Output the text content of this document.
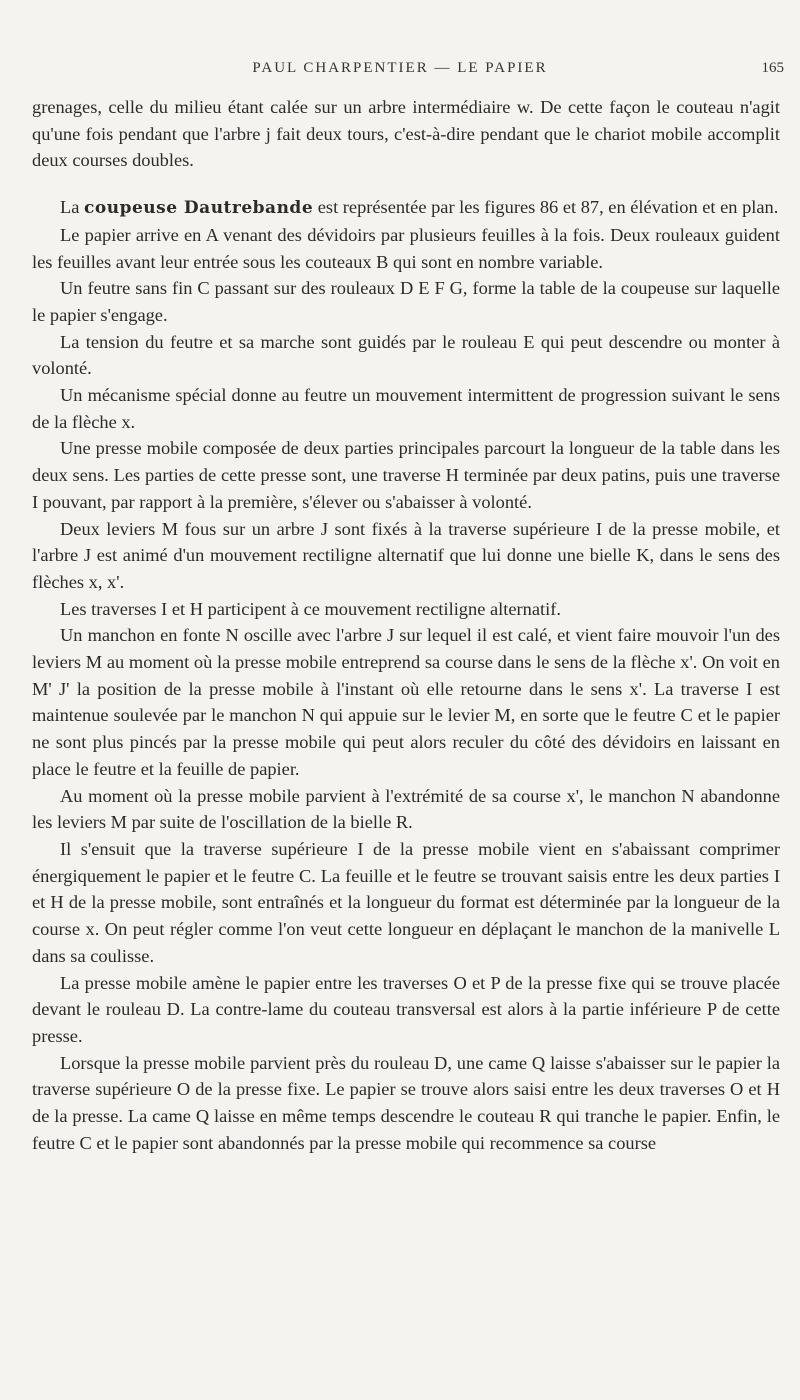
PAUL CHARPENTIER — LE PAPIER	165

grenages, celle du milieu étant calée sur un arbre intermédiaire w. De cette façon le couteau n'agit qu'une fois pendant que l'arbre j fait deux tours, c'est-à-dire pendant que le chariot mobile accomplit deux courses doubles.

La coupeuse Dautrebande est représentée par les figures 86 et 87, en élévation et en plan.

Le papier arrive en A venant des dévidoirs par plusieurs feuilles à la fois. Deux rouleaux guident les feuilles avant leur entrée sous les couteaux B qui sont en nombre variable.

Un feutre sans fin C passant sur des rouleaux D E F G, forme la table de la coupeuse sur laquelle le papier s'engage.

La tension du feutre et sa marche sont guidés par le rouleau E qui peut descendre ou monter à volonté.

Un mécanisme spécial donne au feutre un mouvement intermittent de progression suivant le sens de la flèche x.

Une presse mobile composée de deux parties principales parcourt la longueur de la table dans les deux sens. Les parties de cette presse sont, une traverse H terminée par deux patins, puis une traverse I pouvant, par rapport à la première, s'élever ou s'abaisser à volonté.

Deux leviers M fous sur un arbre J sont fixés à la traverse supérieure I de la presse mobile, et l'arbre J est animé d'un mouvement rectiligne alternatif que lui donne une bielle K, dans le sens des flèches x, x'.

Les traverses I et H participent à ce mouvement rectiligne alternatif.

Un manchon en fonte N oscille avec l'arbre J sur lequel il est calé, et vient faire mouvoir l'un des leviers M au moment où la presse mobile entreprend sa course dans le sens de la flèche x'. On voit en M' J' la position de la presse mobile à l'instant où elle retourne dans le sens x'. La traverse I est maintenue soulevée par le manchon N qui appuie sur le levier M, en sorte que le feutre C et le papier ne sont plus pincés par la presse mobile qui peut alors reculer du côté des dévidoirs en laissant en place le feutre et la feuille de papier.

Au moment où la presse mobile parvient à l'extrémité de sa course x', le manchon N abandonne les leviers M par suite de l'oscillation de la bielle R.

Il s'ensuit que la traverse supérieure I de la presse mobile vient en s'abaissant comprimer énergiquement le papier et le feutre C. La feuille et le feutre se trouvant saisis entre les deux parties I et H de la presse mobile, sont entraînés et la longueur du format est déterminée par la longueur de la course x. On peut régler comme l'on veut cette longueur en déplaçant le manchon de la manivelle L dans sa coulisse.

La presse mobile amène le papier entre les traverses O et P de la presse fixe qui se trouve placée devant le rouleau D. La contre-lame du couteau transversal est alors à la partie inférieure P de cette presse.

Lorsque la presse mobile parvient près du rouleau D, une came Q laisse s'abaisser sur le papier la traverse supérieure O de la presse fixe. Le papier se trouve alors saisi entre les deux traverses O et H de la presse. La came Q laisse en même temps descendre le couteau R qui tranche le papier. Enfin, le feutre C et le papier sont abandonnés par la presse mobile qui recommence sa course
